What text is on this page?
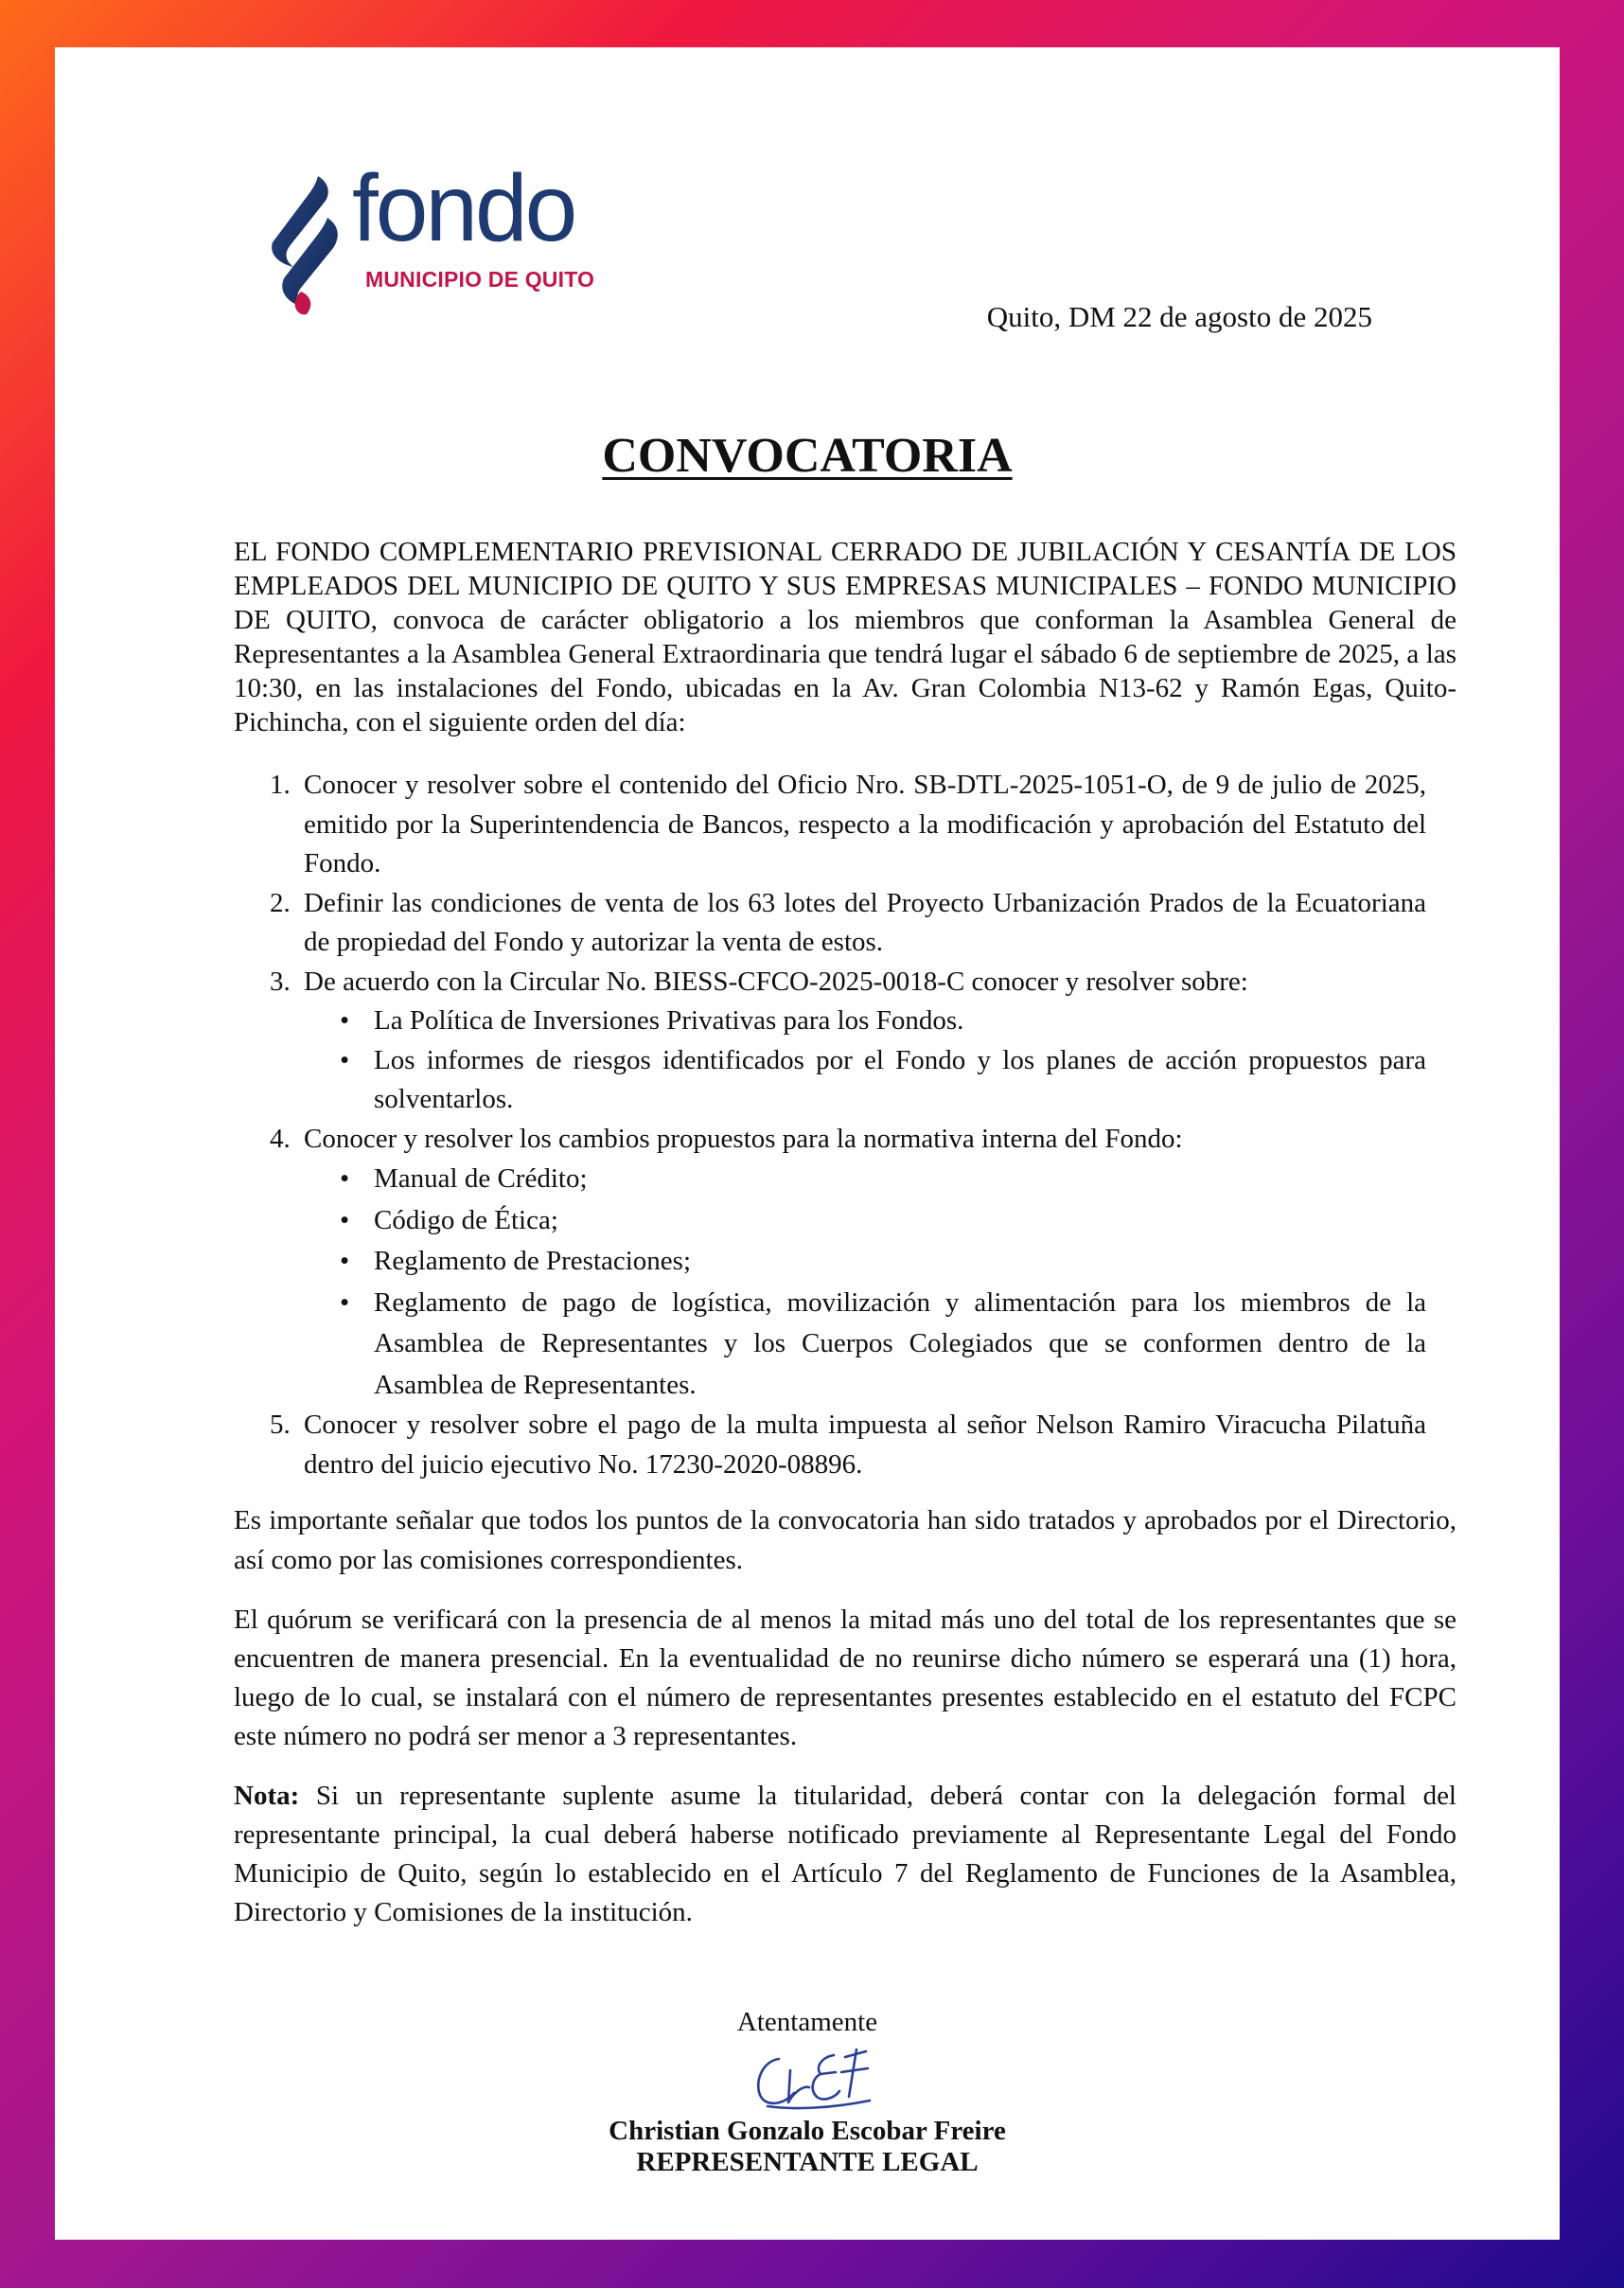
fondo
MUNICIPIO DE QUITO
Quito, DM 22 de agosto de 2025
CONVOCATORIA

EL FONDO COMPLEMENTARIO PREVISIONAL CERRADO DE JUBILACIÓN Y CESANTÍA DE LOS EMPLEADOS DEL MUNICIPIO DE QUITO Y SUS EMPRESAS MUNICIPALES – FONDO MUNICIPIO DE QUITO, convoca de carácter obligatorio a los miembros que conforman la Asamblea General de Representantes a la Asamblea General Extraordinaria que tendrá lugar el sábado 6 de septiembre de 2025, a las 10:30, en las instalaciones del Fondo, ubicadas en la Av. Gran Colombia N13-62 y Ramón Egas, Quito-Pichincha, con el siguiente orden del día:

1. Conocer y resolver sobre el contenido del Oficio Nro. SB-DTL-2025-1051-O, de 9 de julio de 2025, emitido por la Superintendencia de Bancos, respecto a la modificación y aprobación del Estatuto del Fondo.
2. Definir las condiciones de venta de los 63 lotes del Proyecto Urbanización Prados de la Ecuatoriana de propiedad del Fondo y autorizar la venta de estos.
3. De acuerdo con la Circular No. BIESS-CFCO-2025-0018-C conocer y resolver sobre:
• La Política de Inversiones Privativas para los Fondos.
• Los informes de riesgos identificados por el Fondo y los planes de acción propuestos para solventarlos.
4. Conocer y resolver los cambios propuestos para la normativa interna del Fondo:
• Manual de Crédito;
• Código de Ética;
• Reglamento de Prestaciones;
• Reglamento de pago de logística, movilización y alimentación para los miembros de la Asamblea de Representantes y los Cuerpos Colegiados que se conformen dentro de la Asamblea de Representantes.
5. Conocer y resolver sobre el pago de la multa impuesta al señor Nelson Ramiro Viracucha Pilatuña dentro del juicio ejecutivo No. 17230-2020-08896.

Es importante señalar que todos los puntos de la convocatoria han sido tratados y aprobados por el Directorio, así como por las comisiones correspondientes.

El quórum se verificará con la presencia de al menos la mitad más uno del total de los representantes que se encuentren de manera presencial. En la eventualidad de no reunirse dicho número se esperará una (1) hora, luego de lo cual, se instalará con el número de representantes presentes establecido en el estatuto del FCPC este número no podrá ser menor a 3 representantes.

Nota: Si un representante suplente asume la titularidad, deberá contar con la delegación formal del representante principal, la cual deberá haberse notificado previamente al Representante Legal del Fondo Municipio de Quito, según lo establecido en el Artículo 7 del Reglamento de Funciones de la Asamblea, Directorio y Comisiones de la institución.

Atentamente
Christian Gonzalo Escobar Freire
REPRESENTANTE LEGAL
